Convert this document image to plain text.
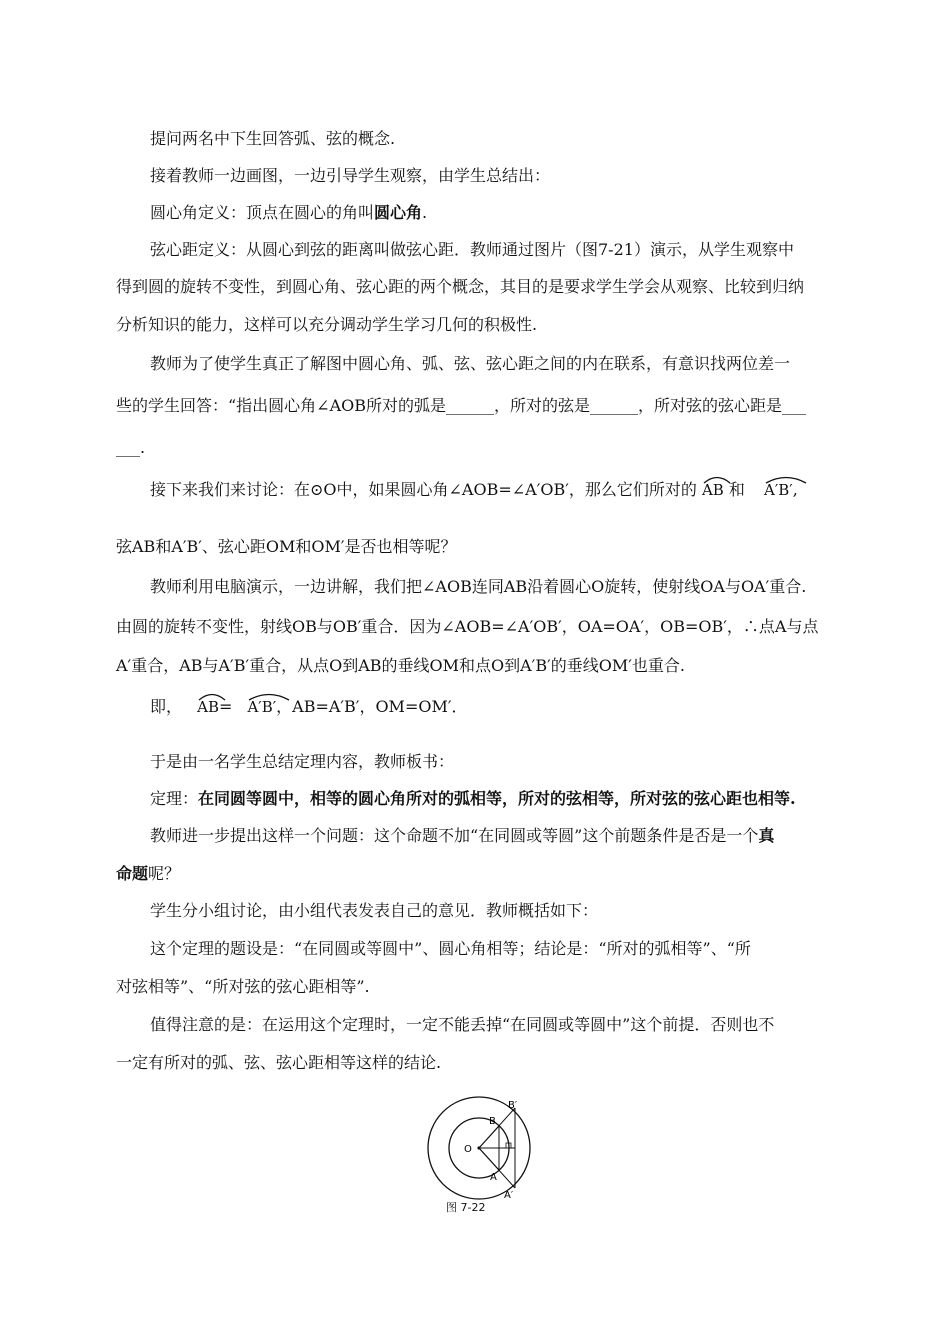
提问两名中下生回答弧、弦的概念.
接着教师一边画图，一边引导学生观察，由学生总结出：
圆心角定义：顶点在圆心的角叫圆心角.
弦心距定义：从圆心到弦的距离叫做弦心距．教师通过图片（图7-21）演示，从学生观察中
得到圆的旋转不变性，到圆心角、弦心距的两个概念，其目的是要求学生学会从观察、比较到归纳
分析知识的能力，这样可以充分调动学生学习几何的积极性.
教师为了使学生真正了解图中圆心角、弧、弦、弦心距之间的内在联系，有意识找两位差一
些的学生回答：“指出圆心角∠AOB所对的弧是______，所对的弦是______，所对弦的弦心距是___
___.
接下来我们来讨论：在⊙O中，如果圆心角∠AOB=∠A′OB′，那么它们所对的 AB 和 A′B′,
弦AB和A′B′、弦心距OM和OM′是否也相等呢？
教师利用电脑演示，一边讲解，我们把∠AOB连同AB沿着圆心O旋转，使射线OA与OA′重合.
由圆的旋转不变性，射线OB与OB′重合．因为∠AOB=∠A′OB′，OA=OA′，OB=OB′，∴点A与点
A′重合，AB与A′B′重合，从点O到AB的垂线OM和点O到A′B′的垂线OM′也重合.
即， AB= A′B′，AB=A′B′，OM=OM′．
于是由一名学生总结定理内容，教师板书：
定理：在同圆等圆中，相等的圆心角所对的弧相等，所对的弦相等，所对弦的弦心距也相等.
教师进一步提出这样一个问题：这个命题不加“在同圆或等圆”这个前题条件是否是一个真
命题呢？
学生分小组讨论，由小组代表发表自己的意见．教师概括如下：
这个定理的题设是：“在同圆或等圆中”、圆心角相等；结论是：“所对的弧相等”、“所
对弦相等”、“所对弦的弦心距相等”.
值得注意的是：在运用这个定理时，一定不能丢掉“在同圆或等圆中”这个前提．否则也不
一定有所对的弧、弦、弦心距相等这样的结论.
O
B
A
B′
A′
图 7-22
